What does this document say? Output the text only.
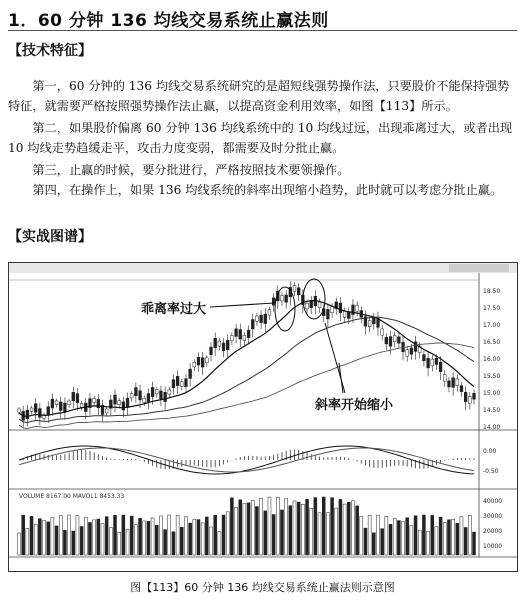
1．60 分钟 136 均线交易系统止赢法则
【技术特征】

第一，60 分钟的 136 均线交易系统研究的是超短线强势操作法，只要股价不能保持强势特征，就需要严格按照强势操作法止赢，以提高资金利用效率，如图【113】所示。

第二，如果股价偏离 60 分钟 136 均线系统中的 10 均线过远，出现乖离过大，或者出现 10 均线走势趋缓走平，攻击力度变弱，都需要及时分批止赢。

第三，止赢的时候，要分批进行，严格按照技术要领操作。

第四，在操作上，如果 136 均线系统的斜率出现缩小趋势，此时就可以考虑分批止赢。

【实战图谱】
18.50
17.50
17.00
16.50
16.00
15.50
15.00
14.50
14.00
0.00
-0.50
40000
30000
20000
10000
乖离率过大
斜率开始缩小
VOLUME 8167.00 MAVOL1 8453.33
图【113】60 分钟 136 均线交易系统止赢法则示意图
